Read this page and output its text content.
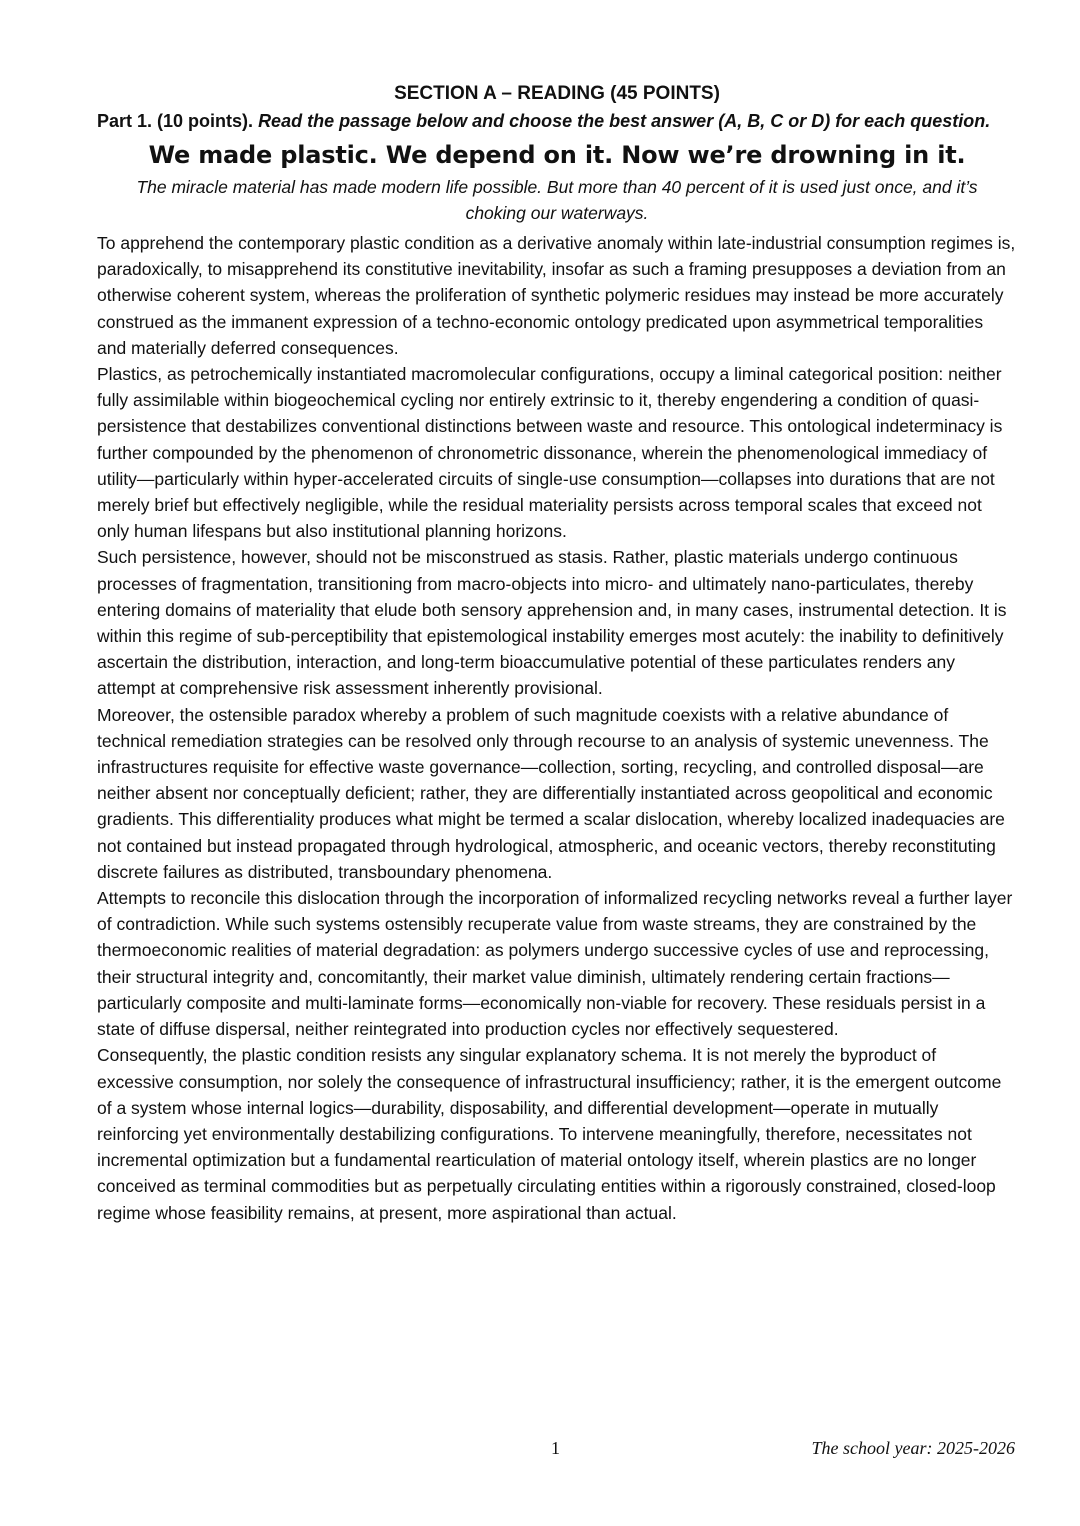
SECTION A – READING (45 POINTS)

Part 1. (10 points). Read the passage below and choose the best answer (A, B, C or D) for each question.

We made plastic. We depend on it. Now we’re drowning in it.

The miracle material has made modern life possible. But more than 40 percent of it is used just once, and it’s choking our waterways.

To apprehend the contemporary plastic condition as a derivative anomaly within late-industrial consumption regimes is, paradoxically, to misapprehend its constitutive inevitability, insofar as such a framing presupposes a deviation from an otherwise coherent system, whereas the proliferation of synthetic polymeric residues may instead be more accurately construed as the immanent expression of a techno-economic ontology predicated upon asymmetrical temporalities and materially deferred consequences.

Plastics, as petrochemically instantiated macromolecular configurations, occupy a liminal categorical position: neither fully assimilable within biogeochemical cycling nor entirely extrinsic to it, thereby engendering a condition of quasi-persistence that destabilizes conventional distinctions between waste and resource. This ontological indeterminacy is further compounded by the phenomenon of chronometric dissonance, wherein the phenomenological immediacy of utility—particularly within hyper-accelerated circuits of single-use consumption—collapses into durations that are not merely brief but effectively negligible, while the residual materiality persists across temporal scales that exceed not only human lifespans but also institutional planning horizons.

Such persistence, however, should not be misconstrued as stasis. Rather, plastic materials undergo continuous processes of fragmentation, transitioning from macro-objects into micro- and ultimately nano-particulates, thereby entering domains of materiality that elude both sensory apprehension and, in many cases, instrumental detection. It is within this regime of sub-perceptibility that epistemological instability emerges most acutely: the inability to definitively ascertain the distribution, interaction, and long-term bioaccumulative potential of these particulates renders any attempt at comprehensive risk assessment inherently provisional.

Moreover, the ostensible paradox whereby a problem of such magnitude coexists with a relative abundance of technical remediation strategies can be resolved only through recourse to an analysis of systemic unevenness. The infrastructures requisite for effective waste governance—collection, sorting, recycling, and controlled disposal—are neither absent nor conceptually deficient; rather, they are differentially instantiated across geopolitical and economic gradients. This differentiality produces what might be termed a scalar dislocation, whereby localized inadequacies are not contained but instead propagated through hydrological, atmospheric, and oceanic vectors, thereby reconstituting discrete failures as distributed, transboundary phenomena.

Attempts to reconcile this dislocation through the incorporation of informalized recycling networks reveal a further layer of contradiction. While such systems ostensibly recuperate value from waste streams, they are constrained by the thermoeconomic realities of material degradation: as polymers undergo successive cycles of use and reprocessing, their structural integrity and, concomitantly, their market value diminish, ultimately rendering certain fractions—particularly composite and multi-laminate forms—economically non-viable for recovery. These residuals persist in a state of diffuse dispersal, neither reintegrated into production cycles nor effectively sequestered.

Consequently, the plastic condition resists any singular explanatory schema. It is not merely the byproduct of excessive consumption, nor solely the consequence of infrastructural insufficiency; rather, it is the emergent outcome of a system whose internal logics—durability, disposability, and differential development—operate in mutually reinforcing yet environmentally destabilizing configurations. To intervene meaningfully, therefore, necessitates not incremental optimization but a fundamental rearticulation of material ontology itself, wherein plastics are no longer conceived as terminal commodities but as perpetually circulating entities within a rigorously constrained, closed-loop regime whose feasibility remains, at present, more aspirational than actual.

1	The school year: 2025-2026
